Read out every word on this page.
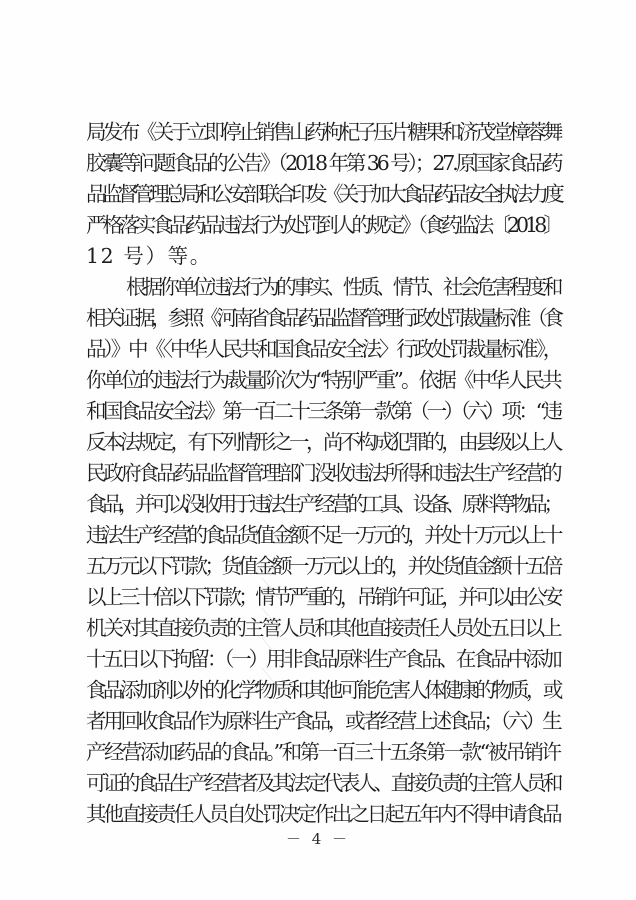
局发布《关于立即停止销售山药枸杞子压片糖果和济茂堂樟蓉舞
胶囊等问题食品的公告》（2018 年第 36 号）；27.原国家食品药
品监督管理总局和公安部联合印发《关于加大食品药品安全执法力度
严格落实食品药品违法行为处罚到人的规定》（食药监法〔2018〕
12 号）等。
根据你单位违法行为的事实、性质、情节、社会危害程度和
相关证据，参照《河南省食品药品监督管理行政处罚裁量标准（食
品）》中《〈中华人民共和国食品安全法〉行政处罚裁量标准》，
你单位的违法行为裁量阶次为“特别严重”。依据《中华人民共
和国食品安全法》第一百二十三条第一款第（一）（六）项：“违
反本法规定，有下列情形之一，尚不构成犯罪的，由县级以上人
民政府食品药品监督管理部门没收违法所得和违法生产经营的
食品，并可以没收用于违法生产经营的工具、设备、原料等物品；
违法生产经营的食品货值金额不足一万元的，并处十万元以上十
五万元以下罚款；货值金额一万元以上的，并处货值金额十五倍
以上三十倍以下罚款；情节严重的，吊销许可证，并可以由公安
机关对其直接负责的主管人员和其他直接责任人员处五日以上
十五日以下拘留：（一）用非食品原料生产食品、在食品中添加
食品添加剂以外的化学物质和其他可能危害人体健康的物质，或
者用回收食品作为原料生产食品，或者经营上述食品；（六）生
产经营添加药品的食品。”和第一百三十五条第一款“被吊销许
可证的食品生产经营者及其法定代表人、直接负责的主管人员和
其他直接责任人员自处罚决定作出之日起五年内不得申请食品
－ 4 －
